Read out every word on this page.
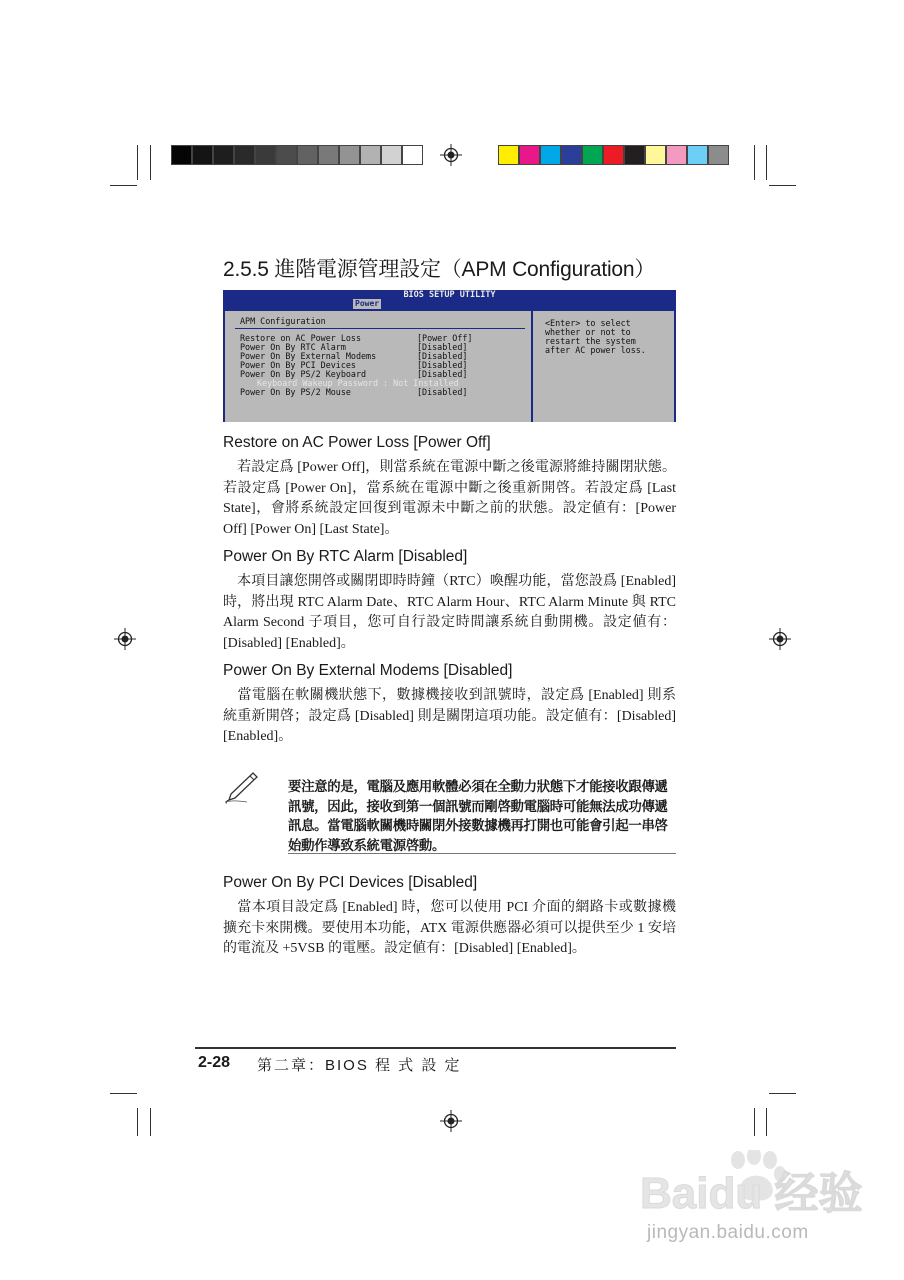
2.5.5 進階電源管理設定（APM Configuration）
BIOS SETUP UTILITY
Power
APM Configuration
Restore on AC Power Loss	[Power Off]
Power On By RTC Alarm	[Disabled]
Power On By External Modems	[Disabled]
Power On By PCI Devices	[Disabled]
Power On By PS/2 Keyboard	[Disabled]
Keyboard Wakeup Password : Not Installed
Power On By PS/2 Mouse	[Disabled]
<Enter> to select
whether or not to
restart the system
after AC power loss.
Restore on AC Power Loss [Power Off]
若設定爲 [Power Off]，則當系統在電源中斷之後電源將維持關閉狀態。若設定爲 [Power On]，當系統在電源中斷之後重新開啓。若設定爲 [Last State]，會將系統設定回復到電源未中斷之前的狀態。設定値有：[Power Off] [Power On] [Last State]。
Power On By RTC Alarm [Disabled]
本項目讓您開啓或關閉即時時鐘（RTC）喚醒功能，當您設爲 [Enabled] 時，將出現 RTC Alarm Date、RTC Alarm Hour、RTC Alarm Minute 與 RTC Alarm Second 子項目，您可自行設定時間讓系統自動開機。設定値有：[Disabled] [Enabled]。
Power On By External Modems [Disabled]
當電腦在軟關機狀態下，數據機接收到訊號時，設定爲 [Enabled] 則系統重新開啓；設定爲 [Disabled] 則是關閉這項功能。設定値有：[Disabled] [Enabled]。
要注意的是，電腦及應用軟體必須在全動力狀態下才能接收跟傳遞訊號，因此，接收到第一個訊號而剛啓動電腦時可能無法成功傳遞訊息。當電腦軟關機時關閉外接數據機再打開也可能會引起一串啓始動作導致系統電源啓動。
Power On By PCI Devices [Disabled]
當本項目設定爲 [Enabled] 時，您可以使用 PCI 介面的網路卡或數據機擴充卡來開機。要使用本功能，ATX 電源供應器必須可以提供至少 1 安培的電流及 +5VSB 的電壓。設定値有：[Disabled] [Enabled]。
2-28 第二章：BIOS 程 式 設 定
Baidu 经验
jingyan.baidu.com
